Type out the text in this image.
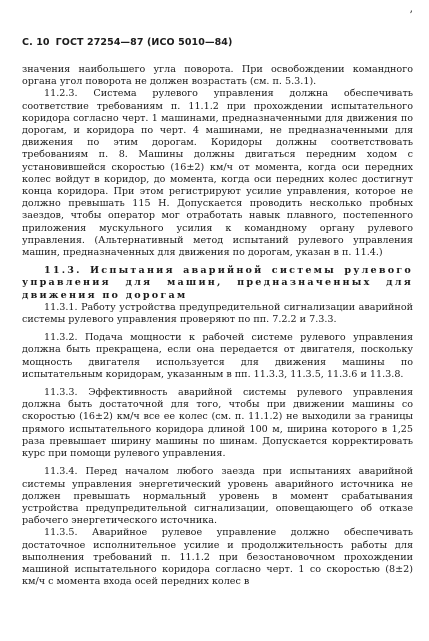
ʼ
С. 10 ГОСТ 27254—87 (ИСО 5010—84)

значения наибольшего угла поворота. При освобождении командного органа угол поворота не должен возрастать (см. п. 5.3.1).

11.2.3. Система рулевого управления должна обеспечивать соответствие требованиям п. 11.1.2 при прохождении испытательного коридора согласно черт. 1 машинами, предназначенными для движения по дорогам, и коридора по черт. 4 машинами, не предназначенными для движения по этим дорогам. Коридоры должны соответствовать требованиям п. 8. Машины должны двигаться передним ходом с установившейся скоростью (16±2) км/ч от момента, когда оси передних колес войдут в коридор, до момента, когда оси передних колес достигнут конца коридора. При этом регистрируют усилие управления, которое не должно превышать 115 Н. Допускается проводить несколько пробных заездов, чтобы оператор мог отработать навык плавного, постепенного приложения мускульного усилия к командному органу рулевого управления. (Альтернативный метод испытаний рулевого управления машин, предназначенных для движения по дорогам, указан в п. 11.4.)

11.3. Испытания аварийной системы рулевого управления для машин, предназначенных для движения по дорогам

11.3.1. Работу устройства предупредительной сигнализации аварийной системы рулевого управления проверяют по пп. 7.2.2 и 7.3.3.

11.3.2. Подача мощности к рабочей системе рулевого управления должна быть прекращена, если она передается от двигателя, поскольку мощность двигателя используется для движения машины по испытательным коридорам, указанным в пп. 11.3.3, 11.3.5, 11.3.6 и 11.3.8.

11.3.3. Эффективность аварийной системы рулевого управления должна быть достаточной для того, чтобы при движении машины со скоростью (16±2) км/ч все ее колес (см. п. 11.1.2) не выходили за границы прямого испытательного коридора длиной 100 м, ширина которого в 1,25 раза превышает ширину машины по шинам. Допускается корректировать курс при помощи рулевого управления.

11.3.4. Перед началом любого заезда при испытаниях аварийной системы управления энергетический уровень аварийного источника не должен превышать нормальный уровень в момент срабатывания устройства предупредительной сигнализации, оповещающего об отказе рабочего энергетического источника.

11.3.5. Аварийное рулевое управление должно обеспечивать достаточное исполнительное усилие и продолжительность работы для выполнения требований п. 11.1.2 при безостановочном прохождении машиной испытательного коридора согласно черт. 1 со скоростью (8±2) км/ч с момента входа осей передних колес в
